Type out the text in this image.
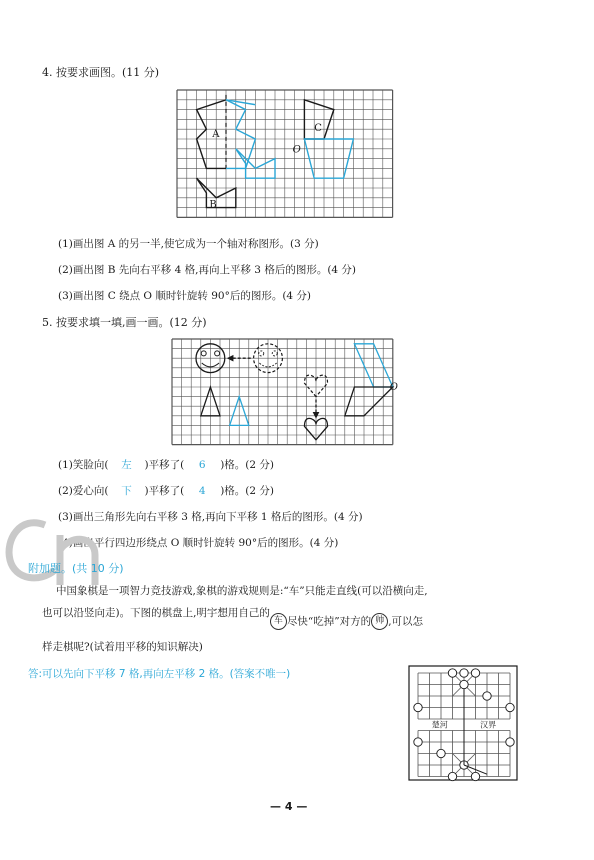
4. 按要求画图。(11 分)
A
B
C
O
(1)画出图 A 的另一半,使它成为一个轴对称图形。(3 分)
(2)画出图 B 先向右平移 4 格,再向上平移 3 格后的图形。(4 分)
(3)画出图 C 绕点 O 顺时针旋转 90°后的图形。(4 分)
5. 按要求填一填,画一画。(12 分)
O
(1)笑脸向( 左 )平移了( 6 )格。(2 分)
(2)爱心向( 下 )平移了( 4 )格。(2 分)
(3)画出三角形先向右平移 3 格,再向下平移 1 格后的图形。(4 分)
(4)画出平行四边形绕点 O 顺时针旋转 90°后的图形。(4 分)
附加题。(共 10 分)
中国象棋是一项智力竞技游戏,象棋的游戏规则是:“车”只能走直线(可以沿横向走,
也可以沿竖向走)。下图的棋盘上,明宇想用自己的
车 尽快“吃掉”对方的 帅 ,可以怎
样走棋呢?(试着用平移的知识解决)
答:可以先向下平移 7 格,再向左平移 2 格。(答案不唯一)
楚河	汉界
— 4 —
